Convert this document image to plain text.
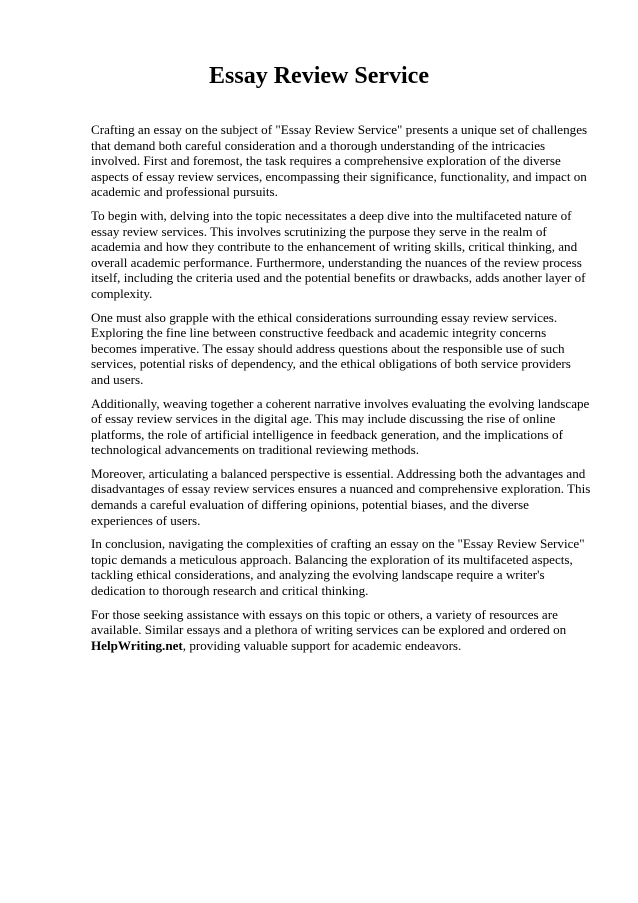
Essay Review Service

Crafting an essay on the subject of "Essay Review Service" presents a unique set of challenges that demand both careful consideration and a thorough understanding of the intricacies involved. First and foremost, the task requires a comprehensive exploration of the diverse aspects of essay review services, encompassing their significance, functionality, and impact on academic and professional pursuits.

To begin with, delving into the topic necessitates a deep dive into the multifaceted nature of essay review services. This involves scrutinizing the purpose they serve in the realm of academia and how they contribute to the enhancement of writing skills, critical thinking, and overall academic performance. Furthermore, understanding the nuances of the review process itself, including the criteria used and the potential benefits or drawbacks, adds another layer of complexity.

One must also grapple with the ethical considerations surrounding essay review services. Exploring the fine line between constructive feedback and academic integrity concerns becomes imperative. The essay should address questions about the responsible use of such services, potential risks of dependency, and the ethical obligations of both service providers and users.

Additionally, weaving together a coherent narrative involves evaluating the evolving landscape of essay review services in the digital age. This may include discussing the rise of online platforms, the role of artificial intelligence in feedback generation, and the implications of technological advancements on traditional reviewing methods.

Moreover, articulating a balanced perspective is essential. Addressing both the advantages and disadvantages of essay review services ensures a nuanced and comprehensive exploration. This demands a careful evaluation of differing opinions, potential biases, and the diverse experiences of users.

In conclusion, navigating the complexities of crafting an essay on the "Essay Review Service" topic demands a meticulous approach. Balancing the exploration of its multifaceted aspects, tackling ethical considerations, and analyzing the evolving landscape require a writer's dedication to thorough research and critical thinking.

For those seeking assistance with essays on this topic or others, a variety of resources are available. Similar essays and a plethora of writing services can be explored and ordered on HelpWriting.net, providing valuable support for academic endeavors.
